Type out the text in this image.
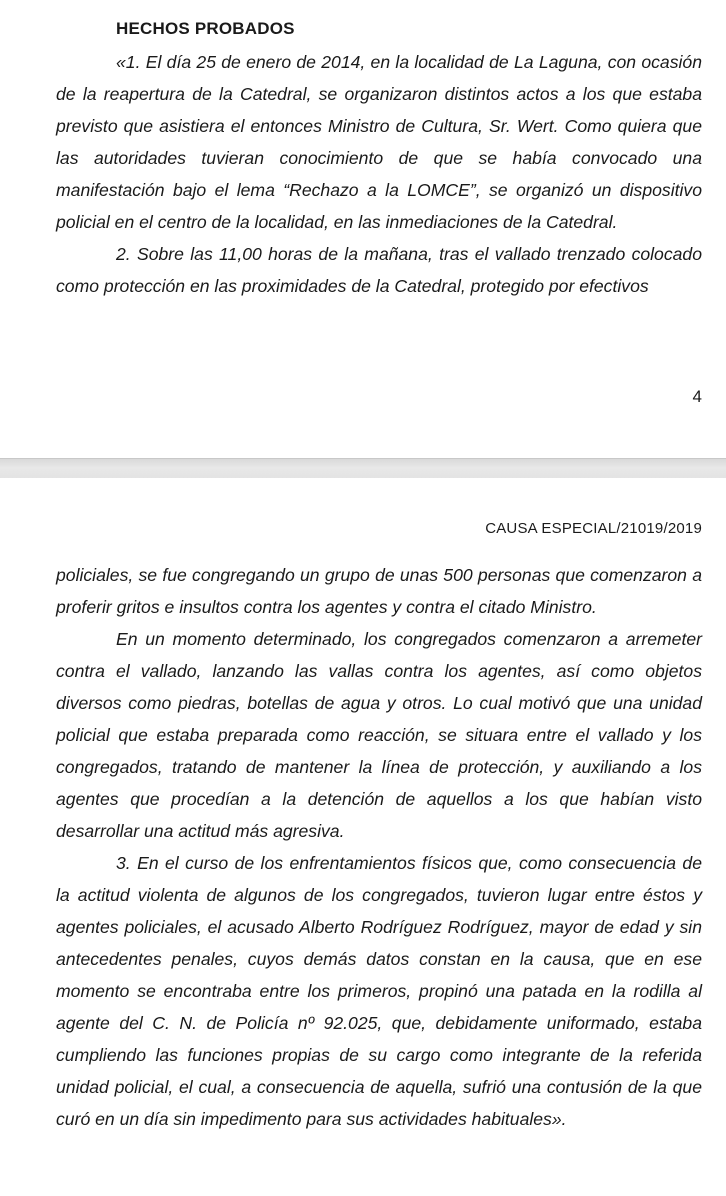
HECHOS PROBADOS

«1. El día 25 de enero de 2014, en la localidad de La Laguna, con ocasión de la reapertura de la Catedral, se organizaron distintos actos a los que estaba previsto que asistiera el entonces Ministro de Cultura, Sr. Wert. Como quiera que las autoridades tuvieran conocimiento de que se había convocado una manifestación bajo el lema “Rechazo a la LOMCE”, se organizó un dispositivo policial en el centro de la localidad, en las inmediaciones de la Catedral.

2. Sobre las 11,00 horas de la mañana, tras el vallado trenzado colocado como protección en las proximidades de la Catedral, protegido por efectivos

4

CAUSA ESPECIAL/21019/2019

policiales, se fue congregando un grupo de unas 500 personas que comenzaron a proferir gritos e insultos contra los agentes y contra el citado Ministro.

En un momento determinado, los congregados comenzaron a arremeter contra el vallado, lanzando las vallas contra los agentes, así como objetos diversos como piedras, botellas de agua y otros. Lo cual motivó que una unidad policial que estaba preparada como reacción, se situara entre el vallado y los congregados, tratando de mantener la línea de protección, y auxiliando a los agentes que procedían a la detención de aquellos a los que habían visto desarrollar una actitud más agresiva.

3. En el curso de los enfrentamientos físicos que, como consecuencia de la actitud violenta de algunos de los congregados, tuvieron lugar entre éstos y agentes policiales, el acusado Alberto Rodríguez Rodríguez, mayor de edad y sin antecedentes penales, cuyos demás datos constan en la causa, que en ese momento se encontraba entre los primeros, propinó una patada en la rodilla al agente del C. N. de Policía nº 92.025, que, debidamente uniformado, estaba cumpliendo las funciones propias de su cargo como integrante de la referida unidad policial, el cual, a consecuencia de aquella, sufrió una contusión de la que curó en un día sin impedimento para sus actividades habituales».
